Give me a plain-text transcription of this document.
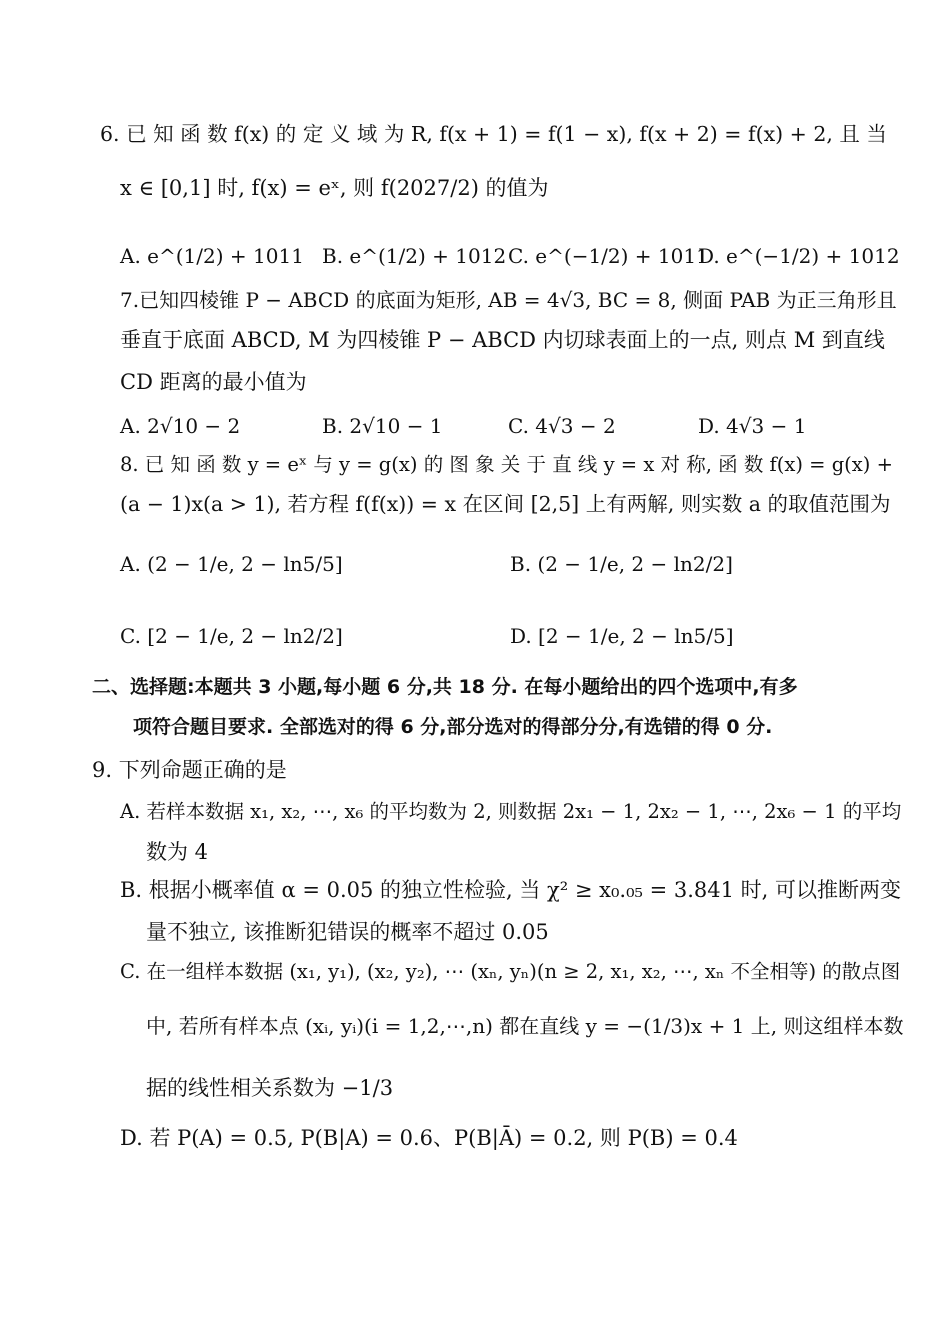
6. 已 知 函 数 f(x) 的 定 义 域 为 R, f(x + 1) = f(1 − x), f(x + 2) = f(x) + 2, 且 当
x ∈ [0,1] 时, f(x) = eˣ, 则 f(2027/2) 的值为
A. e^(1/2) + 1011 B. e^(1/2) + 1012 C. e^(−1/2) + 1011
D. e^(−1/2) + 1012
7.已知四棱锥 P − ABCD 的底面为矩形, AB = 4√3, BC = 8, 侧面 PAB 为正三角形且
垂直于底面 ABCD, M 为四棱锥 P − ABCD 内切球表面上的一点, 则点 M 到直线
CD 距离的最小值为
A. 2√10 − 2	B. 2√10 − 1	C. 4√3 − 2	D. 4√3 − 1
8. 已 知 函 数 y = eˣ 与 y = g(x) 的 图 象 关 于 直 线 y = x 对 称, 函 数 f(x) = g(x) +
(a − 1)x(a > 1), 若方程 f(f(x)) = x 在区间 [2,5] 上有两解, 则实数 a 的取值范围为
A. (2 − 1/e, 2 − ln5/5]	B. (2 − 1/e, 2 − ln2/2]
C. [2 − 1/e, 2 − ln2/2]	D. [2 − 1/e, 2 − ln5/5]
二、选择题:本题共 3 小题,每小题 6 分,共 18 分. 在每小题给出的四个选项中,有多
项符合题目要求. 全部选对的得 6 分,部分选对的得部分分,有选错的得 0 分.
9. 下列命题正确的是
A. 若样本数据 x₁, x₂, ⋯, x₆ 的平均数为 2, 则数据 2x₁ − 1, 2x₂ − 1, ⋯, 2x₆ − 1 的平均
数为 4
B. 根据小概率值 α = 0.05 的独立性检验, 当 χ² ≥ x₀.₀₅ = 3.841 时, 可以推断两变
量不独立, 该推断犯错误的概率不超过 0.05
C. 在一组样本数据 (x₁, y₁), (x₂, y₂), ⋯ (xₙ, yₙ)(n ≥ 2, x₁, x₂, ⋯, xₙ 不全相等) 的散点图
中, 若所有样本点 (xᵢ, yᵢ)(i = 1,2,⋯,n) 都在直线 y = −(1/3)x + 1 上, 则这组样本数
据的线性相关系数为 −1/3
D. 若 P(A) = 0.5, P(B|A) = 0.6、P(B|Ā) = 0.2, 则 P(B) = 0.4
